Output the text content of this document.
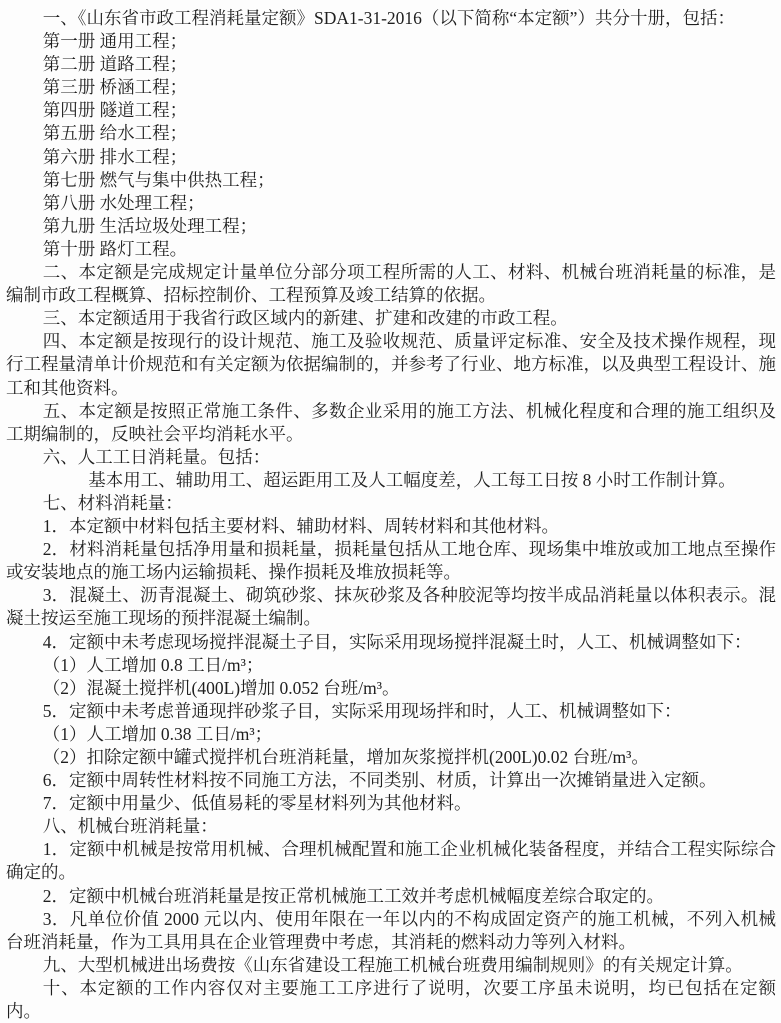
一、《山东省市政工程消耗量定额》SDA1-31-2016（以下简称“本定额”）共分十册，包括：

第一册 通用工程；

第二册 道路工程；

第三册 桥涵工程；

第四册 隧道工程；

第五册 给水工程；

第六册 排水工程；

第七册 燃气与集中供热工程；

第八册 水处理工程；

第九册 生活垃圾处理工程；

第十册 路灯工程。

二、本定额是完成规定计量单位分部分项工程所需的人工、材料、机械台班消耗量的标准，是编制市政工程概算、招标控制价、工程预算及竣工结算的依据。

三、本定额适用于我省行政区域内的新建、扩建和改建的市政工程。

四、本定额是按现行的设计规范、施工及验收规范、质量评定标准、安全及技术操作规程，现行工程量清单计价规范和有关定额为依据编制的，并参考了行业、地方标准，以及典型工程设计、施工和其他资料。

五、本定额是按照正常施工条件、多数企业采用的施工方法、机械化程度和合理的施工组织及工期编制的，反映社会平均消耗水平。

六、人工工日消耗量。包括：

基本用工、辅助用工、超运距用工及人工幅度差，人工每工日按 8 小时工作制计算。

七、材料消耗量：

1．本定额中材料包括主要材料、辅助材料、周转材料和其他材料。

2．材料消耗量包括净用量和损耗量，损耗量包括从工地仓库、现场集中堆放或加工地点至操作或安装地点的施工场内运输损耗、操作损耗及堆放损耗等。

3．混凝土、沥青混凝土、砌筑砂浆、抹灰砂浆及各种胶泥等均按半成品消耗量以体积表示。混凝土按运至施工现场的预拌混凝土编制。

4．定额中未考虑现场搅拌混凝土子目，实际采用现场搅拌混凝土时，人工、机械调整如下：

（1）人工增加 0.8 工日/m³；

（2）混凝土搅拌机(400L)增加 0.052 台班/m³。

5．定额中未考虑普通现拌砂浆子目，实际采用现场拌和时，人工、机械调整如下：

（1）人工增加 0.38 工日/m³；

（2）扣除定额中罐式搅拌机台班消耗量，增加灰浆搅拌机(200L)0.02 台班/m³。

6．定额中周转性材料按不同施工方法，不同类别、材质，计算出一次摊销量进入定额。

7．定额中用量少、低值易耗的零星材料列为其他材料。

八、机械台班消耗量：

1．定额中机械是按常用机械、合理机械配置和施工企业机械化装备程度，并结合工程实际综合确定的。

2．定额中机械台班消耗量是按正常机械施工工效并考虑机械幅度差综合取定的。

3．凡单位价值 2000 元以内、使用年限在一年以内的不构成固定资产的施工机械，不列入机械台班消耗量，作为工具用具在企业管理费中考虑，其消耗的燃料动力等列入材料。

九、大型机械进出场费按《山东省建设工程施工机械台班费用编制规则》的有关规定计算。

十、本定额的工作内容仅对主要施工工序进行了说明，次要工序虽未说明，均已包括在定额内。
